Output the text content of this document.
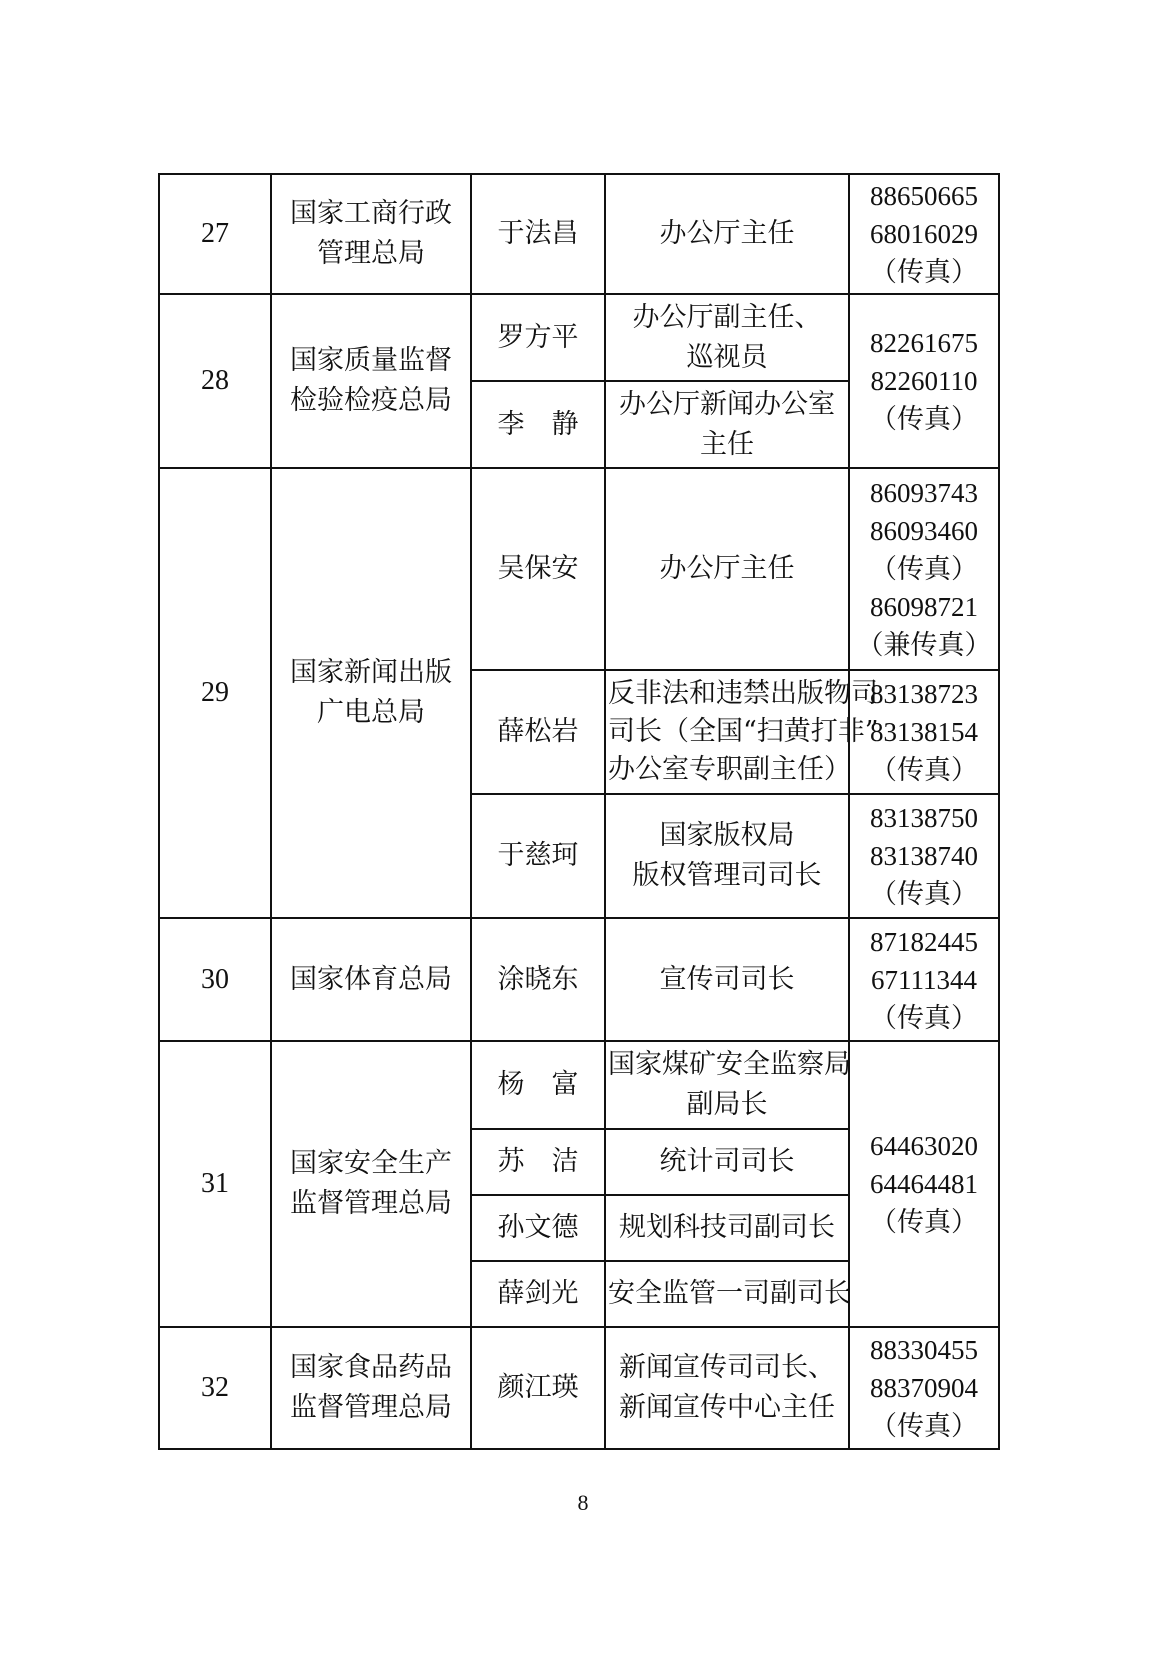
27	国家工商行政
管理总局	于法昌	办公厅主任	88650665
68016029
（传真）

28	国家质量监督
检验检疫总局	罗方平	办公厅副主任、
巡视员	82261675
82260110
（传真）

		李　静	办公厅新闻办公室
主任	

29	国家新闻出版
广电总局	吴保安	办公厅主任	86093743
86093460
（传真）
86098721
（兼传真）

		薛松岩	反非法和违禁出版物司
司长（全国“扫黄打非”
办公室专职副主任）	83138723
83138154
（传真）

		于慈珂	国家版权局
版权管理司司长	83138750
83138740
（传真）

30	国家体育总局	涂晓东	宣传司司长	87182445
67111344
（传真）

31	国家安全生产
监督管理总局	杨　富	国家煤矿安全监察局
副局长	64463020
64464481
（传真）

		苏　洁	统计司司长	

		孙文德	规划科技司副司长	

		薛剑光	安全监管一司副司长	

32	国家食品药品
监督管理总局	颜江瑛	新闻宣传司司长、
新闻宣传中心主任	88330455
88370904
（传真）
8
